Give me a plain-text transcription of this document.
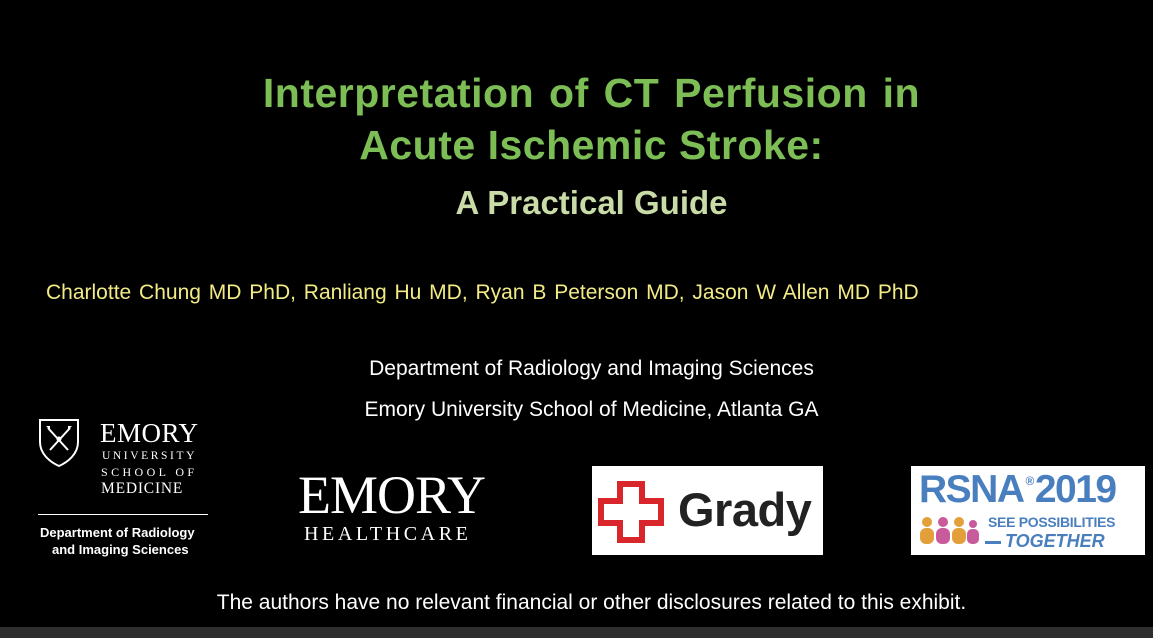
Interpretation of CT Perfusion in
Acute Ischemic Stroke:
A Practical Guide
Charlotte Chung MD PhD, Ranliang Hu MD, Ryan B Peterson MD, Jason W Allen MD PhD
Department of Radiology and Imaging Sciences
Emory University School of Medicine, Atlanta GA
EMORY
UNIVERSITY
SCHOOL OF
MEDICINE
Department of Radiology
and Imaging Sciences
EMORY
HEALTHCARE	Grady	RSNA ®2019
SEE POSSIBILITIES
TOGETHER
The authors have no relevant financial or other disclosures related to this exhibit.
